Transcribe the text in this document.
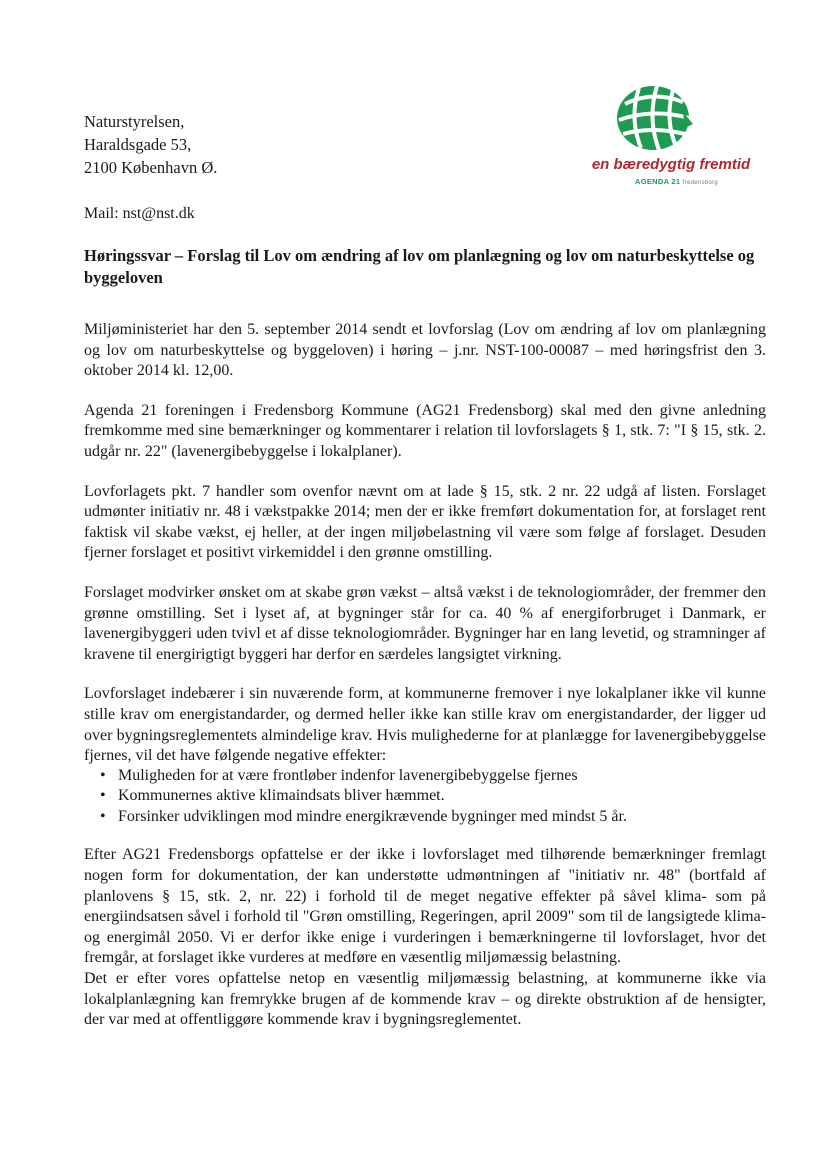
Naturstyrelsen,
Haraldsgade 53,
2100 København Ø.	en bæredygtig fremtid
AGENDA 21 fredensborg
Mail: nst@nst.dk
Høringssvar – Forslag til Lov om ændring af lov om planlægning og lov om naturbeskyttelse og byggeloven

Miljøministeriet har den 5. september 2014 sendt et lovforslag (Lov om ændring af lov om planlægning og lov om naturbeskyttelse og byggeloven) i høring – j.nr. NST-100-00087 – med høringsfrist den 3. oktober 2014 kl. 12,00.

Agenda 21 foreningen i Fredensborg Kommune (AG21 Fredensborg) skal med den givne anledning fremkomme med sine bemærkninger og kommentarer i relation til lovforslagets § 1, stk. 7: "I § 15, stk. 2. udgår nr. 22" (lavenergibebyggelse i lokalplaner).

Lovforlagets pkt. 7 handler som ovenfor nævnt om at lade § 15, stk. 2 nr. 22 udgå af listen. Forslaget udmønter initiativ nr. 48 i vækstpakke 2014; men der er ikke fremført dokumentation for, at forslaget rent faktisk vil skabe vækst, ej heller, at der ingen miljøbelastning vil være som følge af forslaget. Desuden fjerner forslaget et positivt virkemiddel i den grønne omstilling.

Forslaget modvirker ønsket om at skabe grøn vækst – altså vækst i de teknologiområder, der fremmer den grønne omstilling. Set i lyset af, at bygninger står for ca. 40 % af energiforbruget i Danmark, er lavenergibyggeri uden tvivl et af disse teknologiområder. Bygninger har en lang levetid, og stramninger af kravene til energirigtigt byggeri har derfor en særdeles langsigtet virkning.

Lovforslaget indebærer i sin nuværende form, at kommunerne fremover i nye lokalplaner ikke vil kunne stille krav om energistandarder, og dermed heller ikke kan stille krav om energistandarder, der ligger ud over bygningsreglementets almindelige krav. Hvis mulighederne for at planlægge for lavenergibebyggelse fjernes, vil det have følgende negative effekter:

• Muligheden for at være frontløber indenfor lavenergibebyggelse fjernes
• Kommunernes aktive klimaindsats bliver hæmmet.
• Forsinker udviklingen mod mindre energikrævende bygninger med mindst 5 år.

Efter AG21 Fredensborgs opfattelse er der ikke i lovforslaget med tilhørende bemærkninger fremlagt nogen form for dokumentation, der kan understøtte udmøntningen af "initiativ nr. 48" (bortfald af planlovens § 15, stk. 2, nr. 22) i forhold til de meget negative effekter på såvel klima- som på energiindsatsen såvel i forhold til "Grøn omstilling, Regeringen, april 2009" som til de langsigtede klima- og energimål 2050. Vi er derfor ikke enige i vurderingen i bemærkningerne til lovforslaget, hvor det fremgår, at forslaget ikke vurderes at medføre en væsentlig miljømæssig belastning.

Det er efter vores opfattelse netop en væsentlig miljømæssig belastning, at kommunerne ikke via lokalplanlægning kan fremrykke brugen af de kommende krav – og direkte obstruktion af de hensigter, der var med at offentliggøre kommende krav i bygningsreglementet.
